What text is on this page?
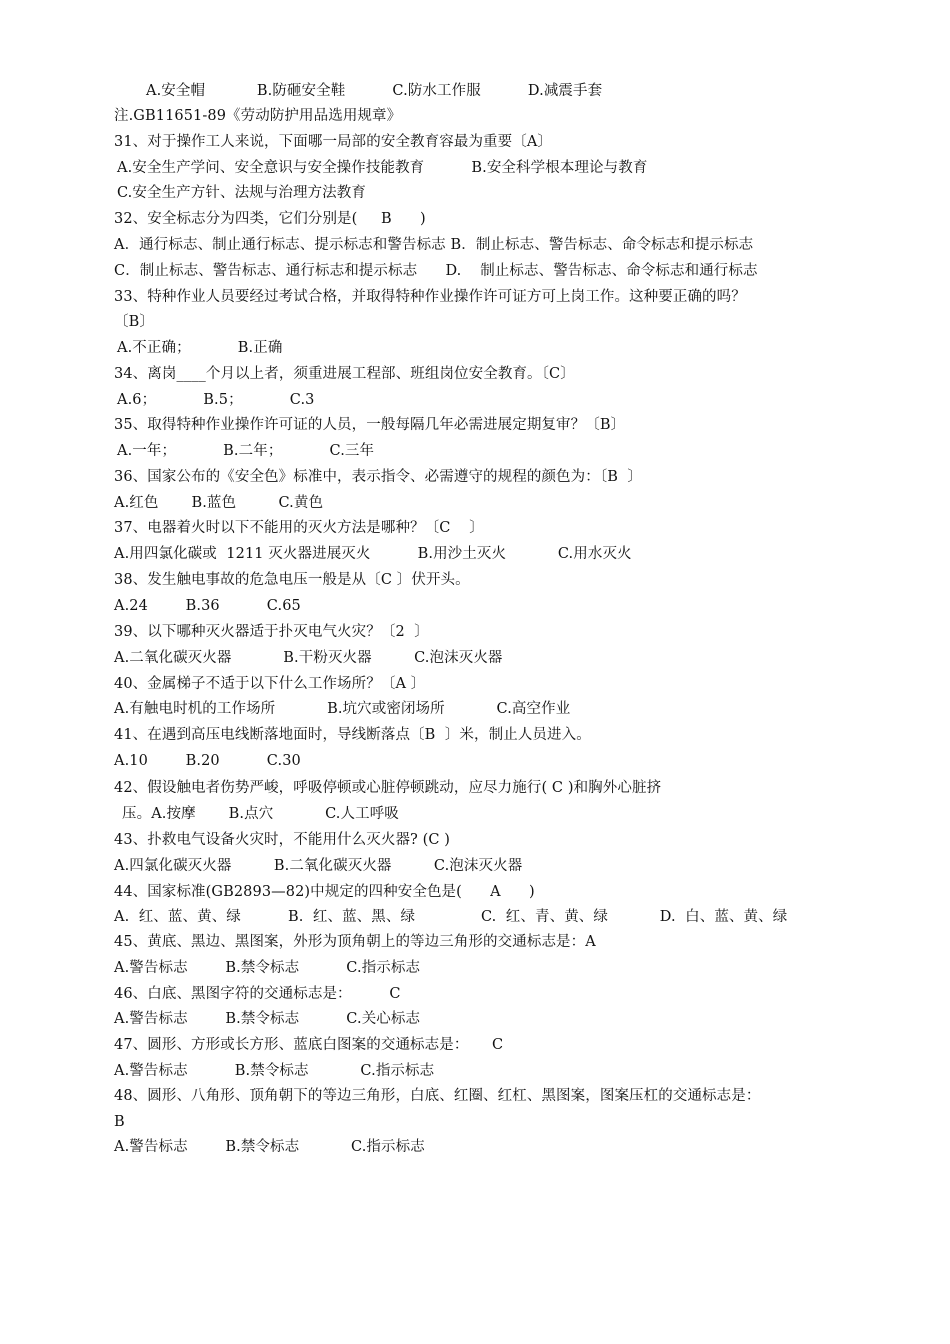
A.安全帽           B.防砸安全鞋          C.防水工作服          D.减震手套
注.GB11651-89《劳动防护用品选用规章》
31、对于操作工人来说，下面哪一局部的安全教育容最为重要〔A〕
A.安全生产学问、安全意识与安全操作技能教育          B.安全科学根本理论与教育
C.安全生产方针、法规与治理方法教育
32、安全标志分为四类，它们分别是(     B      )
A．通行标志、制止通行标志、提示标志和警告标志 B．制止标志、警告标志、命令标志和提示标志
C．制止标志、警告标志、通行标志和提示标志      D.    制止标志、警告标志、命令标志和通行标志
33、特种作业人员要经过考试合格，并取得特种作业操作许可证方可上岗工作。这种要正确的吗？
〔B〕
A.不正确；          B.正确
34、离岗____个月以上者，须重进展工程部、班组岗位安全教育。〔C〕
A.6；          B.5；          C.3
35、取得特种作业操作许可证的人员，一般每隔几年必需进展定期复审？〔B〕
A.一年；          B.二年；          C.三年
36、国家公布的《安全色》标准中，表示指令、必需遵守的规程的颜色为：〔B  〕
A.红色       B.蓝色         C.黄色
37、电器着火时以下不能用的灭火方法是哪种？〔C    〕
A.用四氯化碳或  1211 灭火器进展灭火          B.用沙土灭火           C.用水灭火
38、发生触电事故的危急电压一般是从〔C 〕伏开头。
A.24        B.36          C.65
39、以下哪种灭火器适于扑灭电气火灾？〔2  〕
A.二氧化碳灭火器           B.干粉灭火器         C.泡沫灭火器
40、金属梯子不适于以下什么工作场所？〔A 〕
A.有触电时机的工作场所           B.坑穴或密闭场所           C.高空作业
41、在遇到高压电线断落地面时，导线断落点〔B  〕米，制止人员进入。
A.10        B.20          C.30
42、假设触电者伤势严峻，呼吸停顿或心脏停顿跳动，应尽力施行( C )和胸外心脏挤
压。A.按摩       B.点穴           C.人工呼吸
43、扑救电气设备火灾时，不能用什么灭火器? (C )
A.四氯化碳灭火器         B.二氧化碳灭火器         C.泡沫灭火器
44、国家标准(GB2893—82)中规定的四种安全色是(      A      )
A.  红、蓝、黄、绿          B.  红、蓝、黑、绿              C.  红、青、黄、绿           D.  白、蓝、黄、绿
45、黄底、黑边、黑图案，外形为顶角朝上的等边三角形的交通标志是：A
A.警告标志        B.禁令标志          C.指示标志
46、白底、黑图字符的交通标志是：        C
A.警告标志        B.禁令标志          C.关心标志
47、圆形、方形或长方形、蓝底白图案的交通标志是：     C
A.警告标志          B.禁令标志           C.指示标志
48、圆形、八角形、顶角朝下的等边三角形，白底、红圈、红杠、黑图案，图案压杠的交通标志是：
B
A.警告标志        B.禁令标志           C.指示标志
